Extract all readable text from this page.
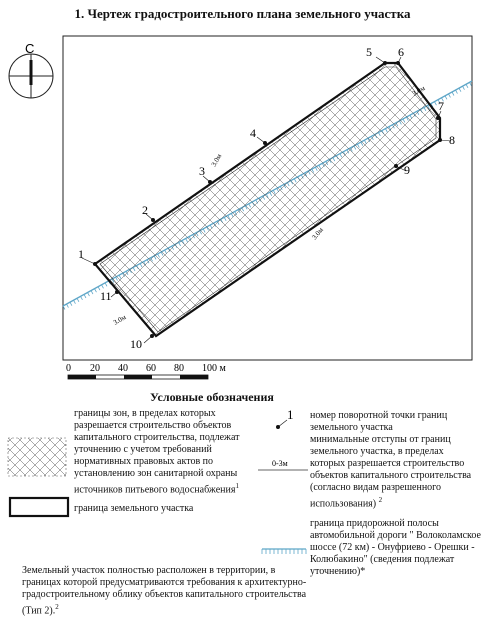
1. Чертеж градостроительного плана земельного участка
С
3.0м
3.0м
3.0м
3.0м
1
2
3
4
5 6
7
8
9
10
11
0 20 40 60 80 100 м
1
0-3м
Условные обозначения
границы зон, в пределах которых разрешается строительство объектов капитального строительства, подлежат уточнению с учетом требований нормативных правовых актов по установлению зон санитарной охраны источников питьевого водоснабжения$^1$
граница земельного участка
номер поворотной точки границ земельного участка
минимальные отступы от границ земельного участка, в пределах которых разрешается строительство объектов капитального строительства (согласно видам разрешенного использования) $^2$
граница придорожной полосы автомобильной дороги " Волоколамское шоссе (72 км) - Онуфриево - Орешки - Колюбакино" (сведения подлежат уточнению)*
Земельный участок полностью расположен в территории, в границах которой предусматриваются требования к архитектурно-градостроительному облику объектов капитального строительства (Тип 2).$^2$
